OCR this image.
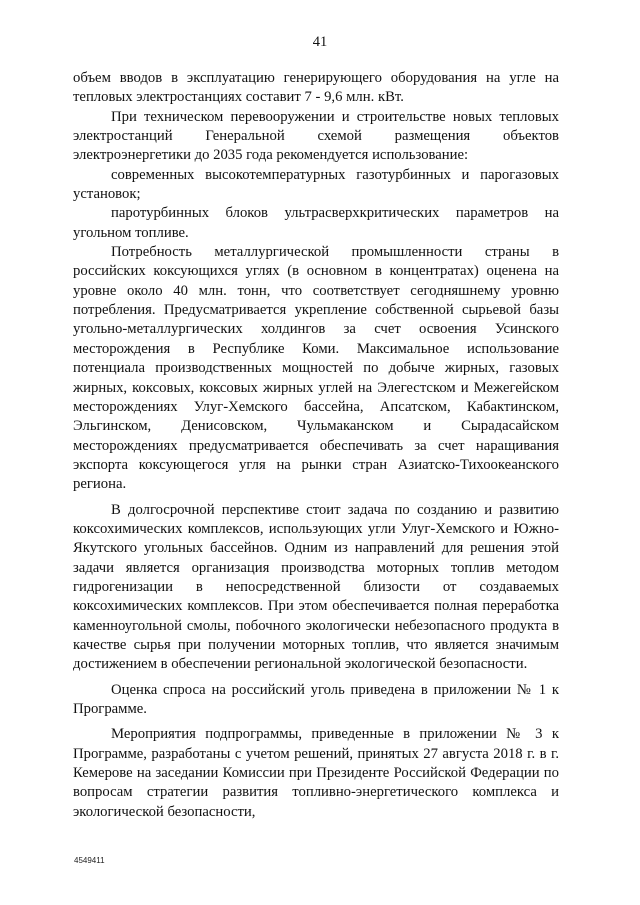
41

объем вводов в эксплуатацию генерирующего оборудования на угле на тепловых электростанциях составит 7 - 9,6 млн. кВт.

При техническом перевооружении и строительстве новых тепловых электростанций Генеральной схемой размещения объектов электроэнергетики до 2035 года рекомендуется использование:

современных высокотемпературных газотурбинных и парогазовых установок;

паротурбинных блоков ультрасверхкритических параметров на угольном топливе.

Потребность металлургической промышленности страны в российских коксующихся углях (в основном в концентратах) оценена на уровне около 40 млн. тонн, что соответствует сегодняшнему уровню потребления. Предусматривается укрепление собственной сырьевой базы угольно-металлургических холдингов за счет освоения Усинского месторождения в Республике Коми. Максимальное использование потенциала производственных мощностей по добыче жирных, газовых жирных, коксовых, коксовых жирных углей на Элегестском и Межегейском месторождениях Улуг-Хемского бассейна, Апсатском, Кабактинском, Эльгинском, Денисовском, Чульмаканском и Сырадасайском месторождениях предусматривается обеспечивать за счет наращивания экспорта коксующегося угля на рынки стран Азиатско-Тихоокеанского региона.

В долгосрочной перспективе стоит задача по созданию и развитию коксохимических комплексов, использующих угли Улуг-Хемского и Южно-Якутского угольных бассейнов. Одним из направлений для решения этой задачи является организация производства моторных топлив методом гидрогенизации в непосредственной близости от создаваемых коксохимических комплексов. При этом обеспечивается полная переработка каменноугольной смолы, побочного экологически небезопасного продукта в качестве сырья при получении моторных топлив, что является значимым достижением в обеспечении региональной экологической безопасности.

Оценка спроса на российский уголь приведена в приложении № 1 к Программе.

Мероприятия подпрограммы, приведенные в приложении № 3 к Программе, разработаны с учетом решений, принятых 27 августа 2018 г. в г. Кемерове на заседании Комиссии при Президенте Российской Федерации по вопросам стратегии развития топливно-энергетического комплекса и экологической безопасности,

4549411
